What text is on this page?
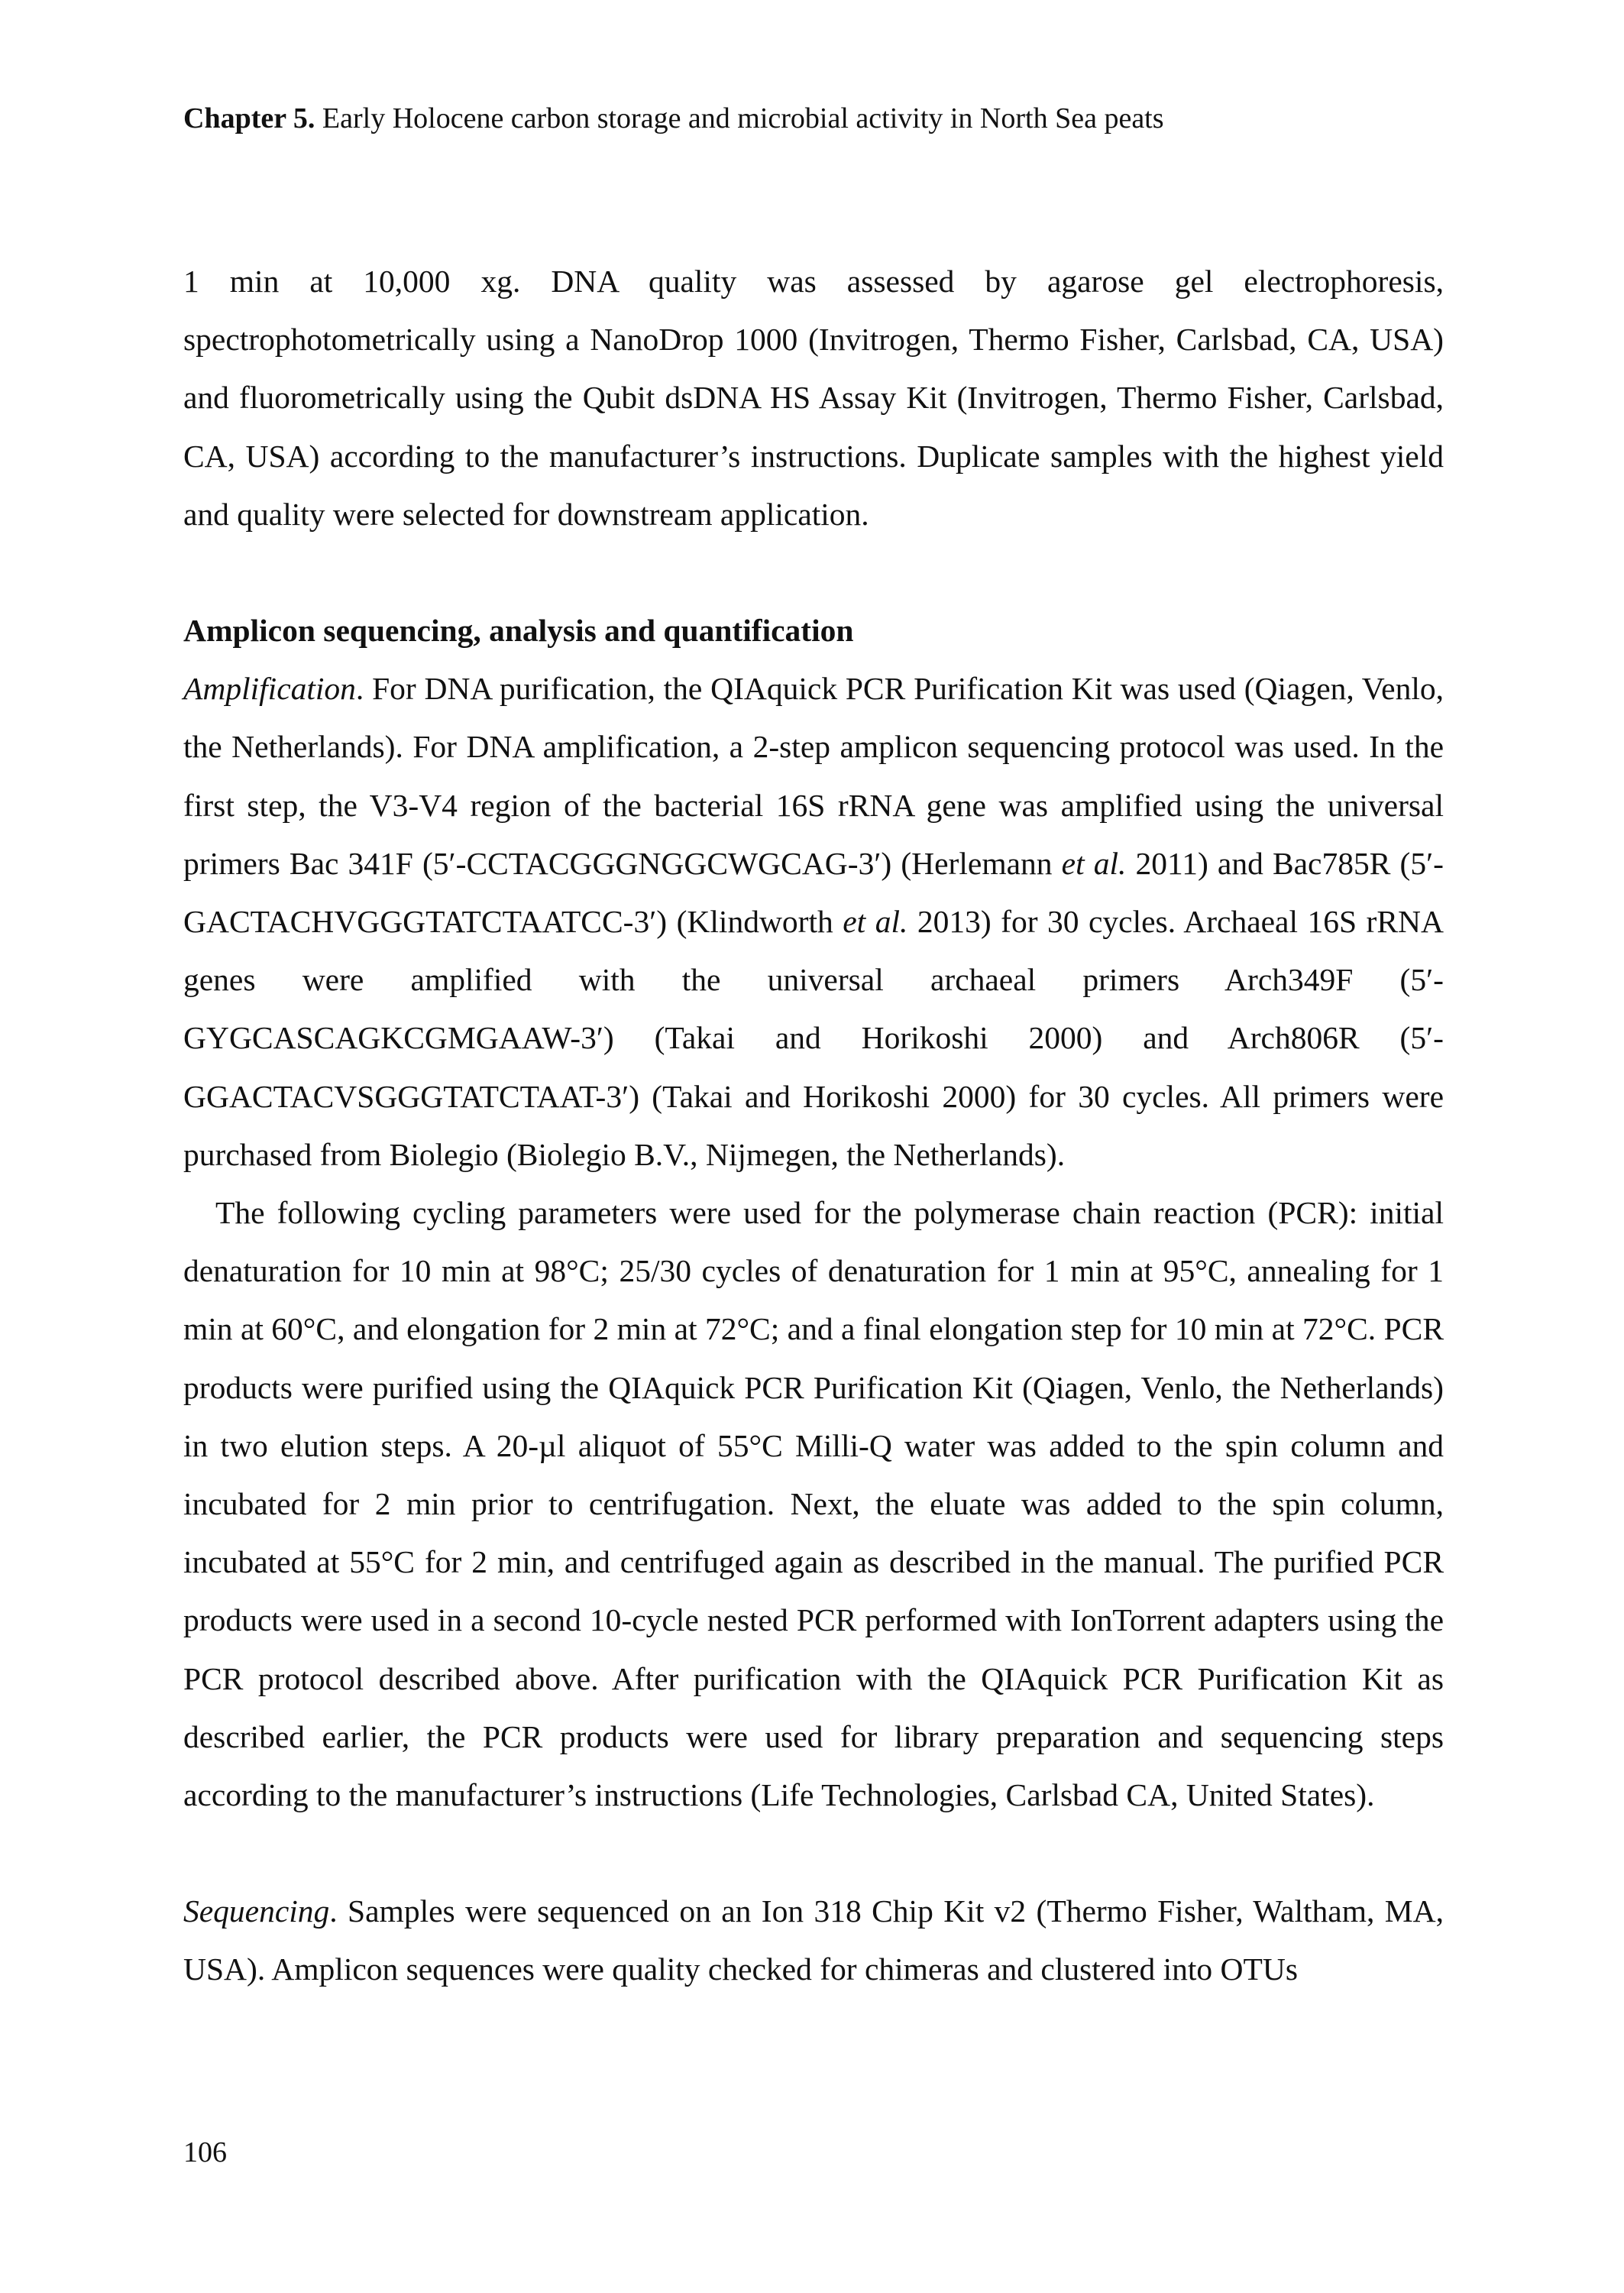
Chapter 5. Early Holocene carbon storage and microbial activity in North Sea peats

1 min at 10,000 xg. DNA quality was assessed by agarose gel electrophoresis, spectrophotometrically using a NanoDrop 1000 (Invitrogen, Thermo Fisher, Carlsbad, CA, USA) and fluorometrically using the Qubit dsDNA HS Assay Kit (Invitrogen, Thermo Fisher, Carlsbad, CA, USA) according to the manufacturer’s instructions. Duplicate samples with the highest yield and quality were selected for downstream application.

Amplicon sequencing, analysis and quantification

Amplification. For DNA purification, the QIAquick PCR Purification Kit was used (Qiagen, Venlo, the Netherlands). For DNA amplification, a 2-step amplicon sequencing protocol was used. In the first step, the V3-V4 region of the bacterial 16S rRNA gene was amplified using the universal primers Bac 341F (5′-CCTACGGGNGGCWGCAG-3′) (Herlemann et al. 2011) and Bac785R (5′-GACTACHVGGGTATCTAATCC-3′) (Klindworth et al. 2013) for 30 cycles. Archaeal 16S rRNA genes were amplified with the universal archaeal primers Arch349F (5′- GYGCASCAGKCGMGAAW-3′) (Takai and Horikoshi 2000) and Arch806R (5′-GGACTACVSGGGTATCTAAT-3′) (Takai and Horikoshi 2000) for 30 cycles. All primers were purchased from Biolegio (Biolegio B.V., Nijmegen, the Netherlands).

The following cycling parameters were used for the polymerase chain reaction (PCR): initial denaturation for 10 min at 98°C; 25/30 cycles of denaturation for 1 min at 95°C, annealing for 1 min at 60°C, and elongation for 2 min at 72°C; and a final elongation step for 10 min at 72°C. PCR products were purified using the QIAquick PCR Purification Kit (Qiagen, Venlo, the Netherlands) in two elution steps. A 20-µl aliquot of 55°C Milli-Q water was added to the spin column and incubated for 2 min prior to centrifugation. Next, the eluate was added to the spin column, incubated at 55°C for 2 min, and centrifuged again as described in the manual. The purified PCR products were used in a second 10-cycle nested PCR performed with IonTorrent adapters using the PCR protocol described above. After purification with the QIAquick PCR Purification Kit as described earlier, the PCR products were used for library preparation and sequencing steps according to the manufacturer’s instructions (Life Technologies, Carlsbad CA, United States).

Sequencing. Samples were sequenced on an Ion 318 Chip Kit v2 (Thermo Fisher, Waltham, MA, USA). Amplicon sequences were quality checked for chimeras and clustered into OTUs

106
